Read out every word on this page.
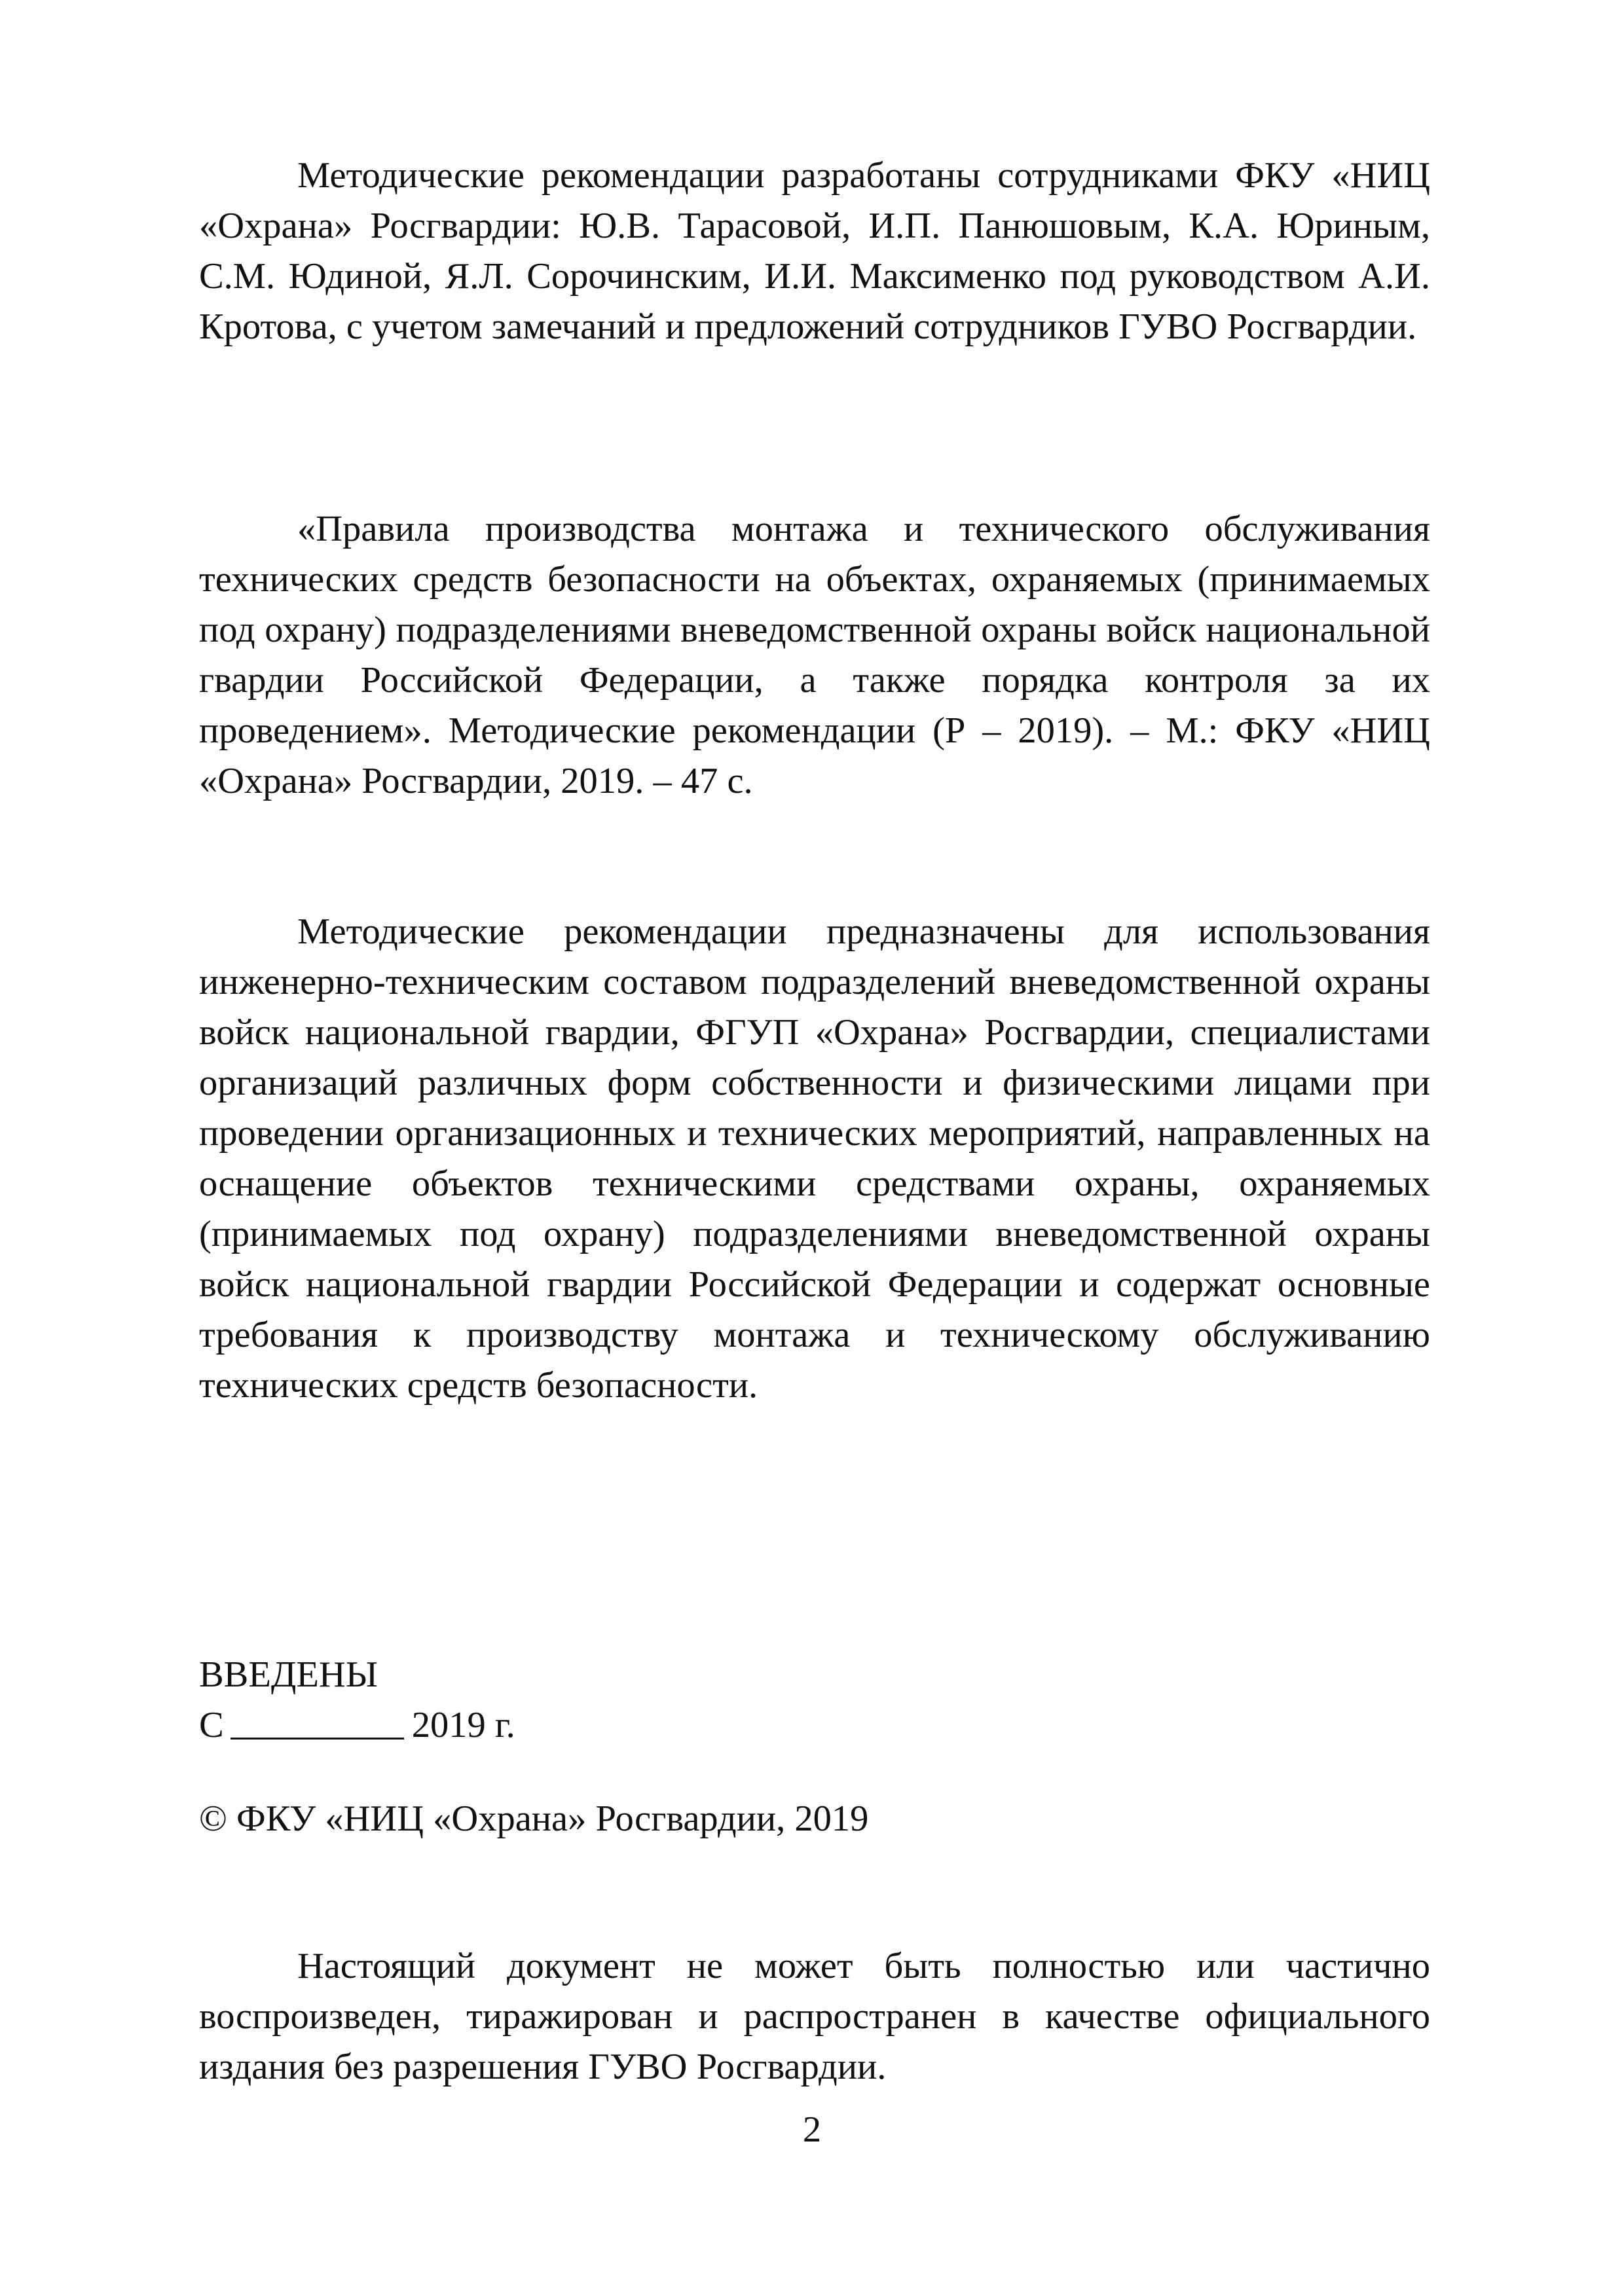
Методические рекомендации разработаны сотрудниками ФКУ «НИЦ «Охрана» Росгвардии: Ю.В. Тарасовой, И.П. Панюшовым, К.А. Юриным, С.М. Юдиной, Я.Л. Сорочинским, И.И. Максименко под руководством А.И. Кротова, с учетом замечаний и предложений сотрудников ГУВО Росгвардии.

«Правила производства монтажа и технического обслуживания технических средств безопасности на объектах, охраняемых (принимаемых под охрану) подразделениями вневедомственной охраны войск национальной гвардии Российской Федерации, а также порядка контроля за их проведением». Методические рекомендации (Р – 2019). – М.: ФКУ «НИЦ «Охрана» Росгвардии, 2019. – 47 с.

Методические рекомендации предназначены для использования инженерно-техническим составом подразделений вневедомственной охраны войск национальной гвардии, ФГУП «Охрана» Росгвардии, специалистами организаций различных форм собственности и физическими лицами при проведении организационных и технических мероприятий, направленных на оснащение объектов техническими средствами охраны, охраняемых (принимаемых под охрану) подразделениями вневедомственной охраны войск национальной гвардии Российской Федерации и содержат основные требования к производству монтажа и техническому обслуживанию технических средств безопасности.

ВВЕДЕНЫ

С	2019 г.

© ФКУ «НИЦ «Охрана» Росгвардии, 2019

Настоящий документ не может быть полностью или частично воспроизведен, тиражирован и распространен в качестве официального издания без разрешения ГУВО Росгвардии.

2
